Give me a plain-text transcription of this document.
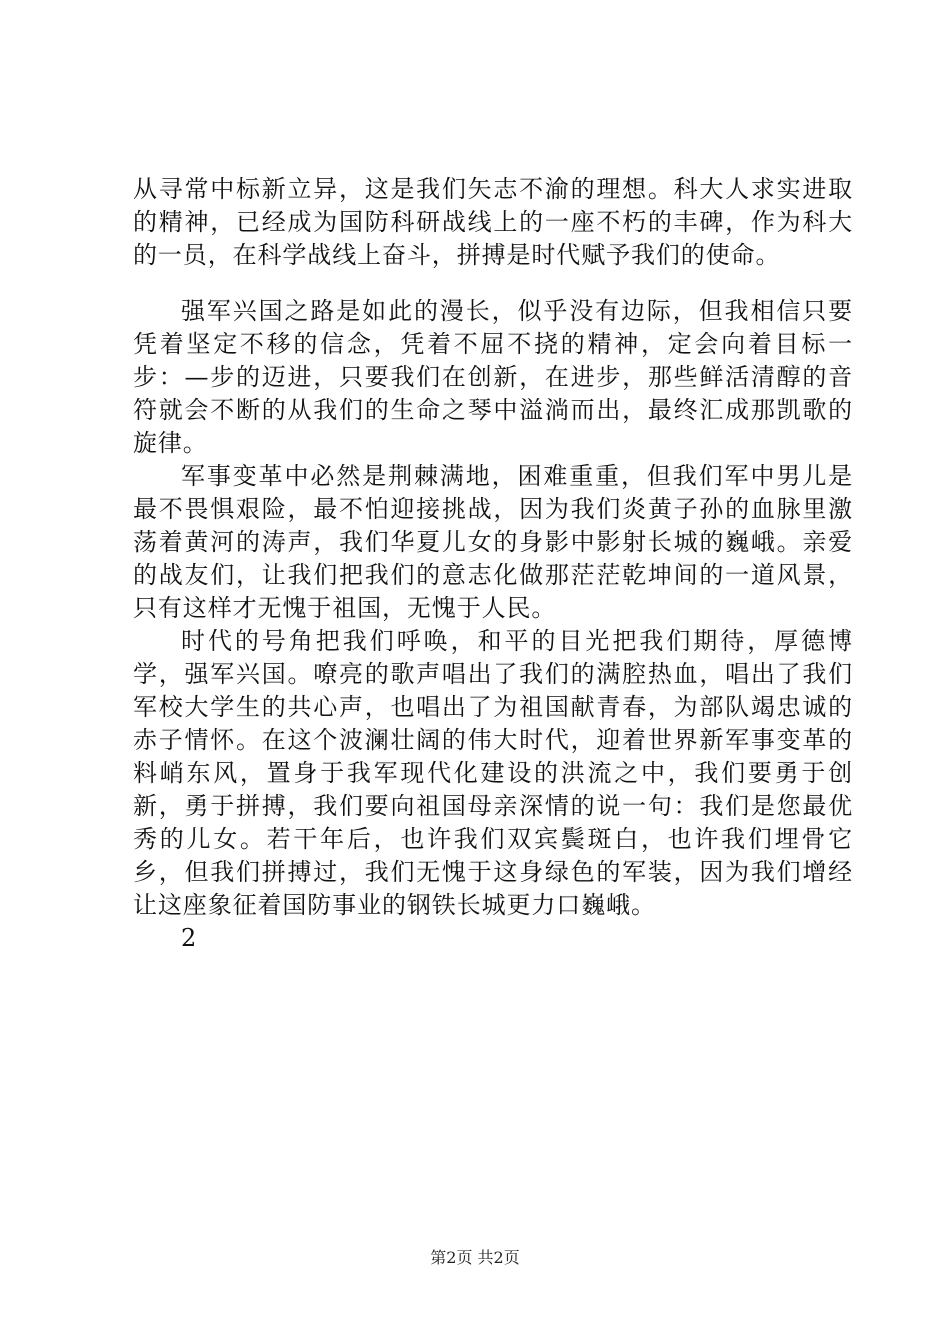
从寻常中标新立异，这是我们矢志不渝的理想。科大人求实进取的精神，已经成为国防科研战线上的一座不朽的丰碑，作为科大的一员，在科学战线上奋斗，拼搏是时代赋予我们的使命。

强军兴国之路是如此的漫长，似乎没有边际，但我相信只要凭着坚定不移的信念，凭着不屈不挠的精神，定会向着目标一步：—步的迈进，只要我们在创新，在进步，那些鲜活清醇的音符就会不断的从我们的生命之琴中溢淌而出，最终汇成那凯歌的旋律。

军事变革中必然是荆棘满地，困难重重，但我们军中男儿是最不畏惧艰险，最不怕迎接挑战，因为我们炎黄子孙的血脉里激荡着黄河的涛声，我们华夏儿女的身影中影射长城的巍峨。亲爱的战友们，让我们把我们的意志化做那茫茫乾坤间的一道风景，只有这样才无愧于祖国，无愧于人民。

时代的号角把我们呼唤，和平的目光把我们期待，厚德博学，强军兴国。嘹亮的歌声唱出了我们的满腔热血，唱出了我们军校大学生的共心声，也唱出了为祖国献青春，为部队竭忠诚的赤子情怀。在这个波澜壮阔的伟大时代，迎着世界新军事变革的料峭东风，置身于我军现代化建设的洪流之中，我们要勇于创新，勇于拼搏，我们要向祖国母亲深情的说一句：我们是您最优秀的儿女。若干年后，也许我们双宾鬓斑白，也许我们埋骨它乡，但我们拼搏过，我们无愧于这身绿色的军装，因为我们增经让这座象征着国防事业的钢铁长城更力口巍峨。

2

第2页 共2页
